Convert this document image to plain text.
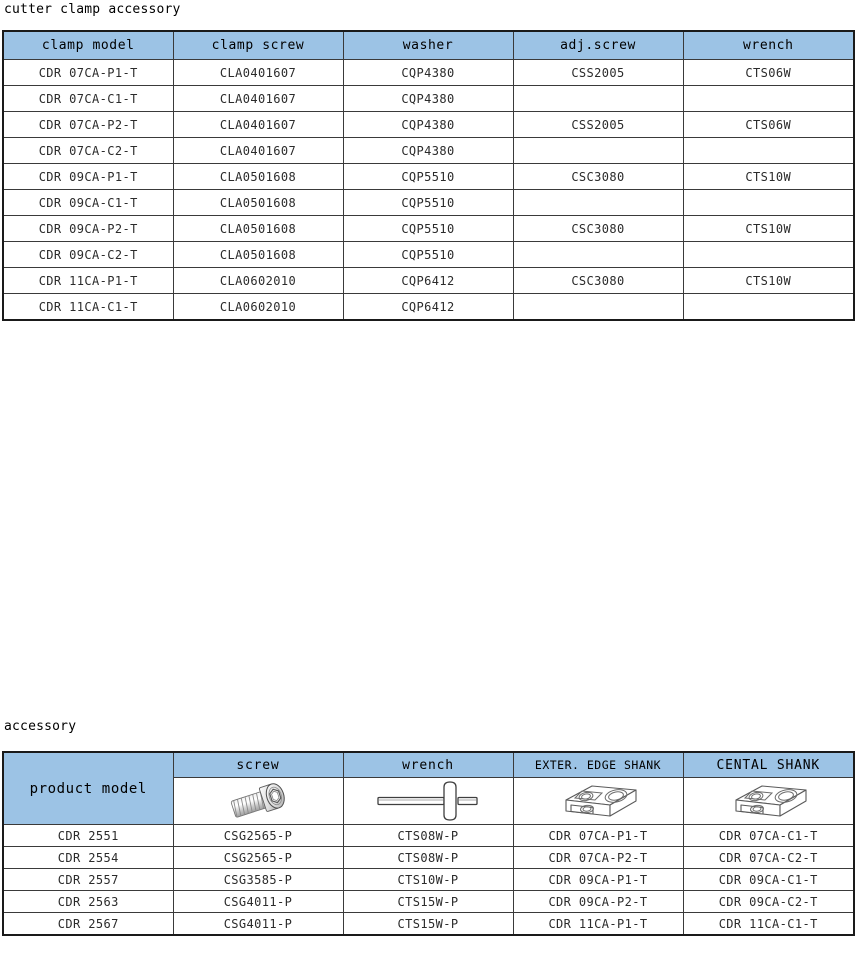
cutter clamp accessory
clamp model	clamp screw	washer	adj.screw	wrench
CDR 07CA-P1-T	CLA0401607	CQP4380	CSS2005	CTS06W
CDR 07CA-C1-T	CLA0401607	CQP4380		
CDR 07CA-P2-T	CLA0401607	CQP4380	CSS2005	CTS06W
CDR 07CA-C2-T	CLA0401607	CQP4380		
CDR 09CA-P1-T	CLA0501608	CQP5510	CSC3080	CTS10W
CDR 09CA-C1-T	CLA0501608	CQP5510		
CDR 09CA-P2-T	CLA0501608	CQP5510	CSC3080	CTS10W
CDR 09CA-C2-T	CLA0501608	CQP5510		
CDR 11CA-P1-T	CLA0602010	CQP6412	CSC3080	CTS10W
CDR 11CA-C1-T	CLA0602010	CQP6412		
accessory
product model	screw	wrench	EXTER. EDGE SHANK	CENTAL SHANK

CDR 2551	CSG2565-P	CTS08W-P	CDR 07CA-P1-T	CDR 07CA-C1-T
CDR 2554	CSG2565-P	CTS08W-P	CDR 07CA-P2-T	CDR 07CA-C2-T
CDR 2557	CSG3585-P	CTS10W-P	CDR 09CA-P1-T	CDR 09CA-C1-T
CDR 2563	CSG4011-P	CTS15W-P	CDR 09CA-P2-T	CDR 09CA-C2-T
CDR 2567	CSG4011-P	CTS15W-P	CDR 11CA-P1-T	CDR 11CA-C1-T
